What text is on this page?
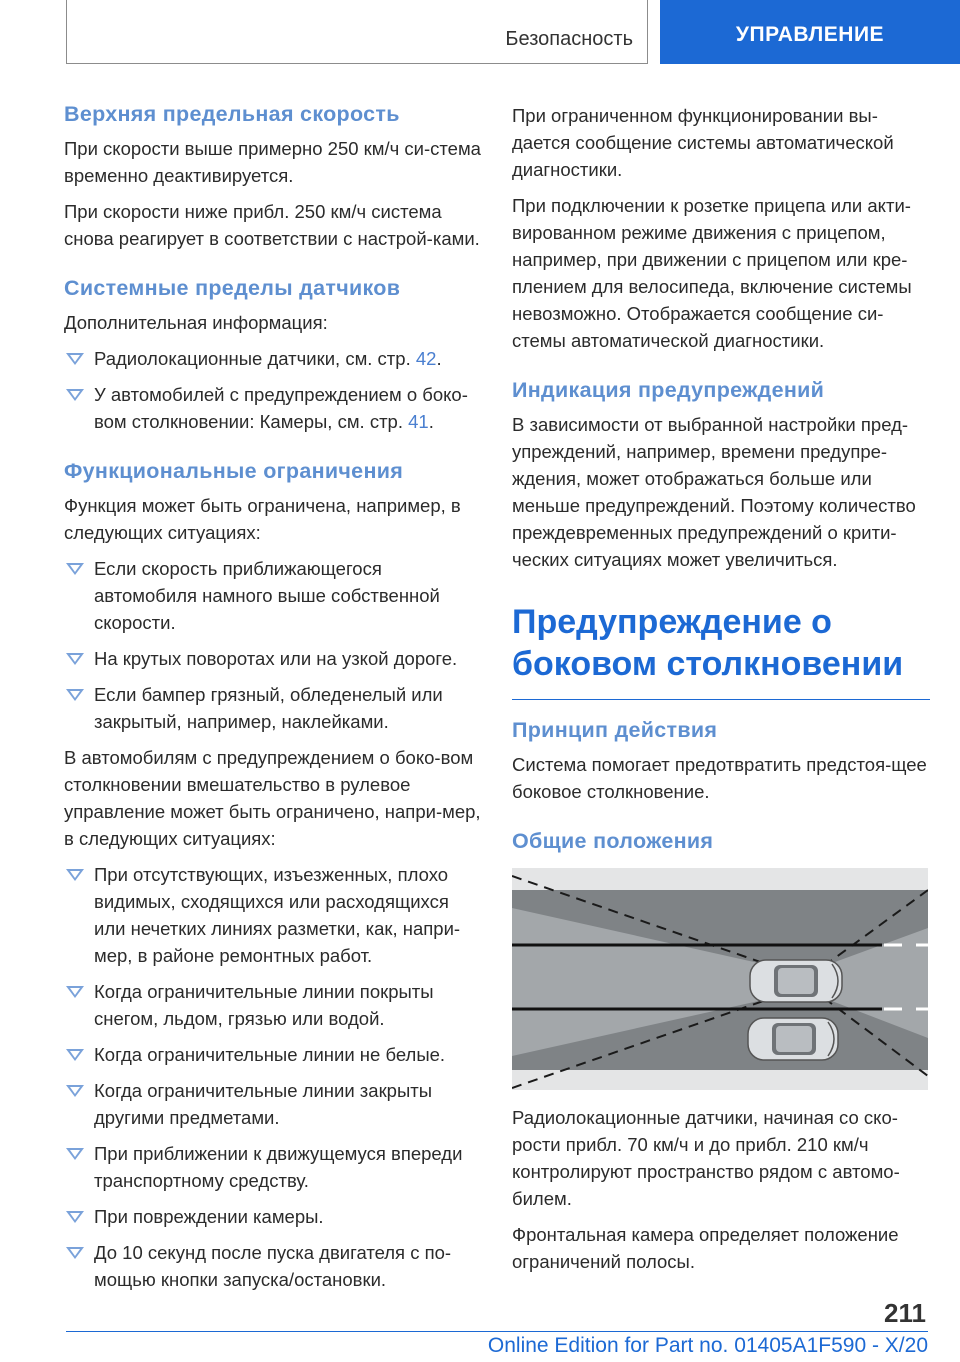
Безопасность	УПРАВЛЕНИЕ
Верхняя предельная скорость

При скорости выше примерно 250 км/ч си-стема временно деактивируется.

При скорости ниже прибл. 250 км/ч система снова реагирует в соответствии с настрой-ками.

Системные пределы датчиков

Дополнительная информация:

Радиолокационные датчики, см. стр. 42.
У автомобилей с предупреждением о боко-вом столкновении: Камеры, см. стр. 41.
Функциональные ограничения

Функция может быть ограничена, например, в следующих ситуациях:

Если скорость приближающегося автомобиля намного выше собственной скорости.
На крутых поворотах или на узкой дороге.
Если бампер грязный, обледенелый или закрытый, например, наклейками.

В автомобилям с предупреждением о боко-вом столкновении вмешательство в рулевое управление может быть ограничено, напри-мер, в следующих ситуациях:

При отсутствующих, изъезженных, плохо видимых, сходящихся или расходящихся или нечетких линиях разметки, как, напри-мер, в районе ремонтных работ.
Когда ограничительные линии покрыты снегом, льдом, грязью или водой.
Когда ограничительные линии не белые.
Когда ограничительные линии закрыты другими предметами.
При приближении к движущемуся впереди транспортному средству.
При повреждении камеры.
До 10 секунд после пуска двигателя с по-мощью кнопки запуска/остановки.

При ограниченном функционировании вы-дается сообщение системы автоматической диагностики.

При подключении к розетке прицепа или акти-вированном режиме движения с прицепом, например, при движении с прицепом или кре-плением для велосипеда, включение системы невозможно. Отображается сообщение си-стемы автоматической диагностики.

Индикация предупреждений

В зависимости от выбранной настройки пред-упреждений, например, времени предупре-ждения, может отображаться больше или меньше предупреждений. Поэтому количество преждевременных предупреждений о крити-ческих ситуациях может увеличиться.

Предупреждение о боковом столкновении
Принцип действия

Система помогает предотвратить предстоя-щее боковое столкновение.

Общие положения

Радиолокационные датчики, начиная со ско-рости прибл. 70 км/ч и до прибл. 210 км/ч контролируют пространство рядом с автомо-билем.

Фронтальная камера определяет положение ограничений полосы.

211
Online Edition for Part no. 01405A1F590 - X/20
